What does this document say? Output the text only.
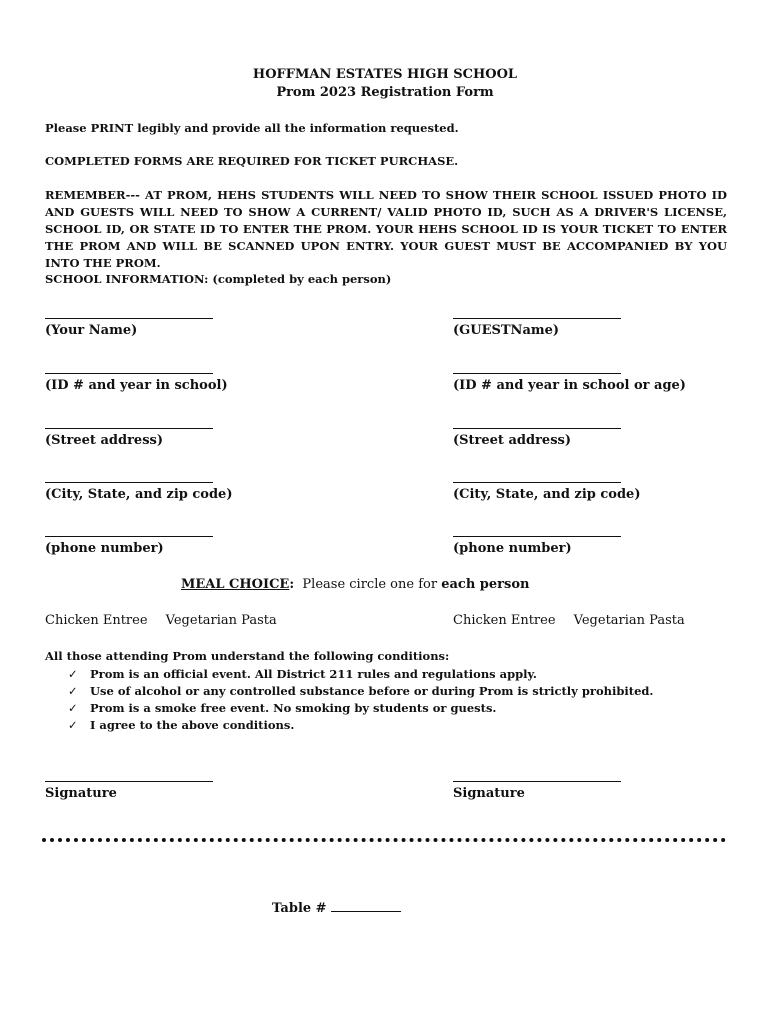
HOFFMAN ESTATES HIGH SCHOOL
Prom 2023 Registration Form
Please PRINT legibly and provide all the information requested.
COMPLETED FORMS ARE REQUIRED FOR TICKET PURCHASE.
REMEMBER--- AT PROM, HEHS STUDENTS WILL NEED TO SHOW THEIR SCHOOL ISSUED PHOTO ID AND GUESTS WILL NEED TO SHOW A CURRENT/ VALID PHOTO ID, SUCH AS A DRIVER'S LICENSE, SCHOOL ID, OR STATE ID TO ENTER THE PROM. YOUR HEHS SCHOOL ID IS YOUR TICKET TO ENTER THE PROM AND WILL BE SCANNED UPON ENTRY. YOUR GUEST MUST BE ACCOMPANIED BY YOU INTO THE PROM.
SCHOOL INFORMATION: (completed by each person)
(Your Name)
(ID # and year in school)
(Street address)
(City, State, and zip code)
(phone number)
(GUESTName)
(ID # and year in school or age)
(Street address)
(City, State, and zip code)
(phone number)
MEAL CHOICE:  Please circle one for each person
Chicken Entree Vegetarian Pasta	Chicken Entree Vegetarian Pasta
All those attending Prom understand the following conditions:
✓ Prom is an official event. All District 211 rules and regulations apply.
✓ Use of alcohol or any controlled substance before or during Prom is strictly prohibited.
✓ Prom is a smoke free event. No smoking by students or guests.
✓ I agree to the above conditions.
Signature	Signature
Table #
